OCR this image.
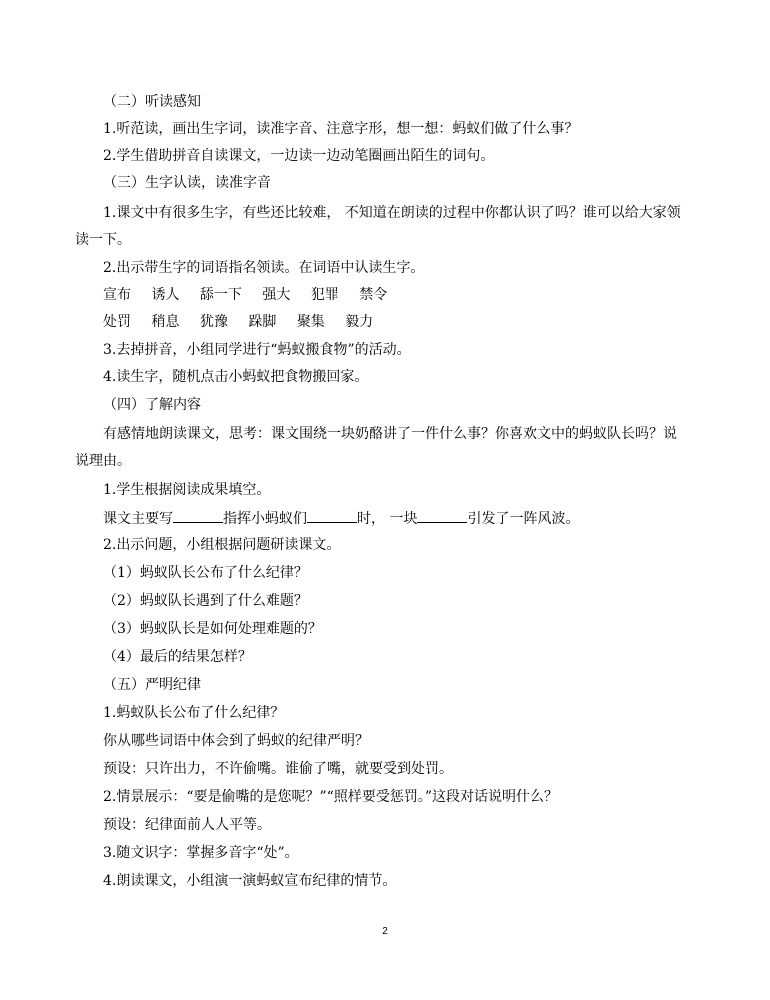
（二）听读感知
1.听范读，画出生字词，读准字音、注意字形，想一想：蚂蚁们做了什么事？
2.学生借助拼音自读课文，一边读一边动笔圈画出陌生的词句。
（三）生字认读，读准字音

1.课文中有很多生字，有些还比较难， 不知道在朗读的过程中你都认识了吗？谁可以给大家领读一下。

2.出示带生字的词语指名领读。在词语中认读生字。
宣布 诱人 舔一下 强大 犯罪 禁令
处罚 稍息 犹豫 跺脚 聚集 毅力
3.去掉拼音，小组同学进行“蚂蚁搬食物”的活动。
4.读生字，随机点击小蚂蚁把食物搬回家。
（四）了解内容

有感情地朗读课文，思考：课文围绕一块奶酪讲了一件什么事？你喜欢文中的蚂蚁队长吗？说说理由。

1.学生根据阅读成果填空。
课文主要写	指挥小蚂蚁们	时， 一块	引发了一阵风波。
2.出示问题，小组根据问题研读课文。
（1）蚂蚁队长公布了什么纪律？
（2）蚂蚁队长遇到了什么难题？
（3）蚂蚁队长是如何处理难题的？
（4）最后的结果怎样？
（五）严明纪律
1.蚂蚁队长公布了什么纪律？
你从哪些词语中体会到了蚂蚁的纪律严明？
预设：只许出力，不许偷嘴。谁偷了嘴，就要受到处罚。
2.情景展示：“要是偷嘴的是您呢？”“照样要受惩罚。”这段对话说明什么？
预设：纪律面前人人平等。
3.随文识字：掌握多音字“处”。
4.朗读课文，小组演一演蚂蚁宣布纪律的情节。
2
